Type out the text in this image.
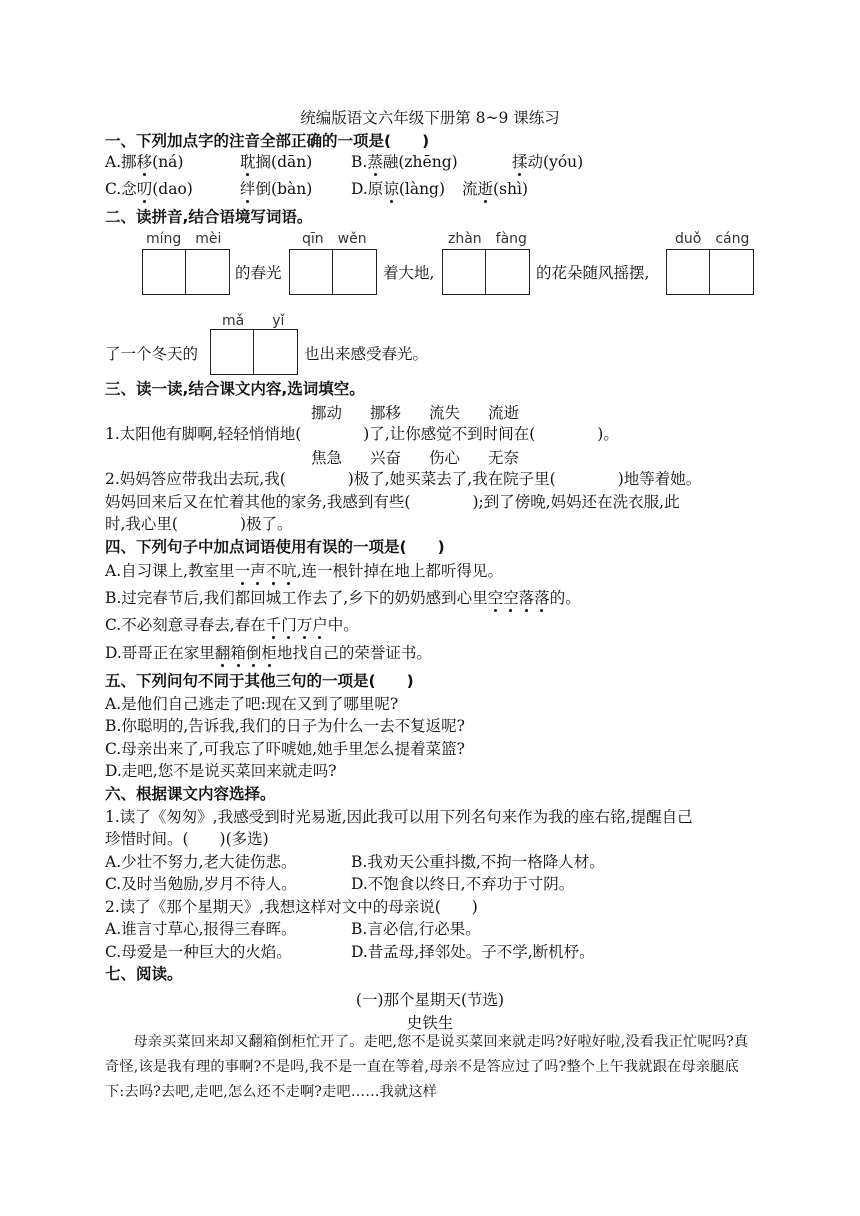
统编版语文六年级下册第 8~9 课练习
一、下列加点字的注音全部正确的一项是(　　)
A.挪移(ná)	耽搁(dān) B.蒸融(zhēng)	揉动(yóu)
C.念叨(dao)	绊倒(bàn) D.原谅(làng) 流逝(shì)
二、读拼音,结合语境写词语。
míng　mèi	qīn　wěn	zhàn　fàng	duǒ　cáng
的春光	着大地,	的花朵随风摇摆,
mǎ　　yǐ
了一个冬天的	也出来感受春光。
三、读一读,结合课文内容,选词填空。
挪动 挪移 流失 流逝
1.太阳他有脚啊,轻轻悄悄地(　　　　)了,让你感觉不到时间在(　　　　)。
焦急 兴奋 伤心 无奈
2.妈妈答应带我出去玩,我(　　　　)极了,她买菜去了,我在院子里(　　　　)地等着她。
妈妈回来后又在忙着其他的家务,我感到有些(　　　　);到了傍晚,妈妈还在洗衣服,此
时,我心里(　　　　)极了。
四、下列句子中加点词语使用有误的一项是(　　)
A.自习课上,教室里一声不吭,连一根针掉在地上都听得见。
B.过完春节后,我们都回城工作去了,乡下的奶奶感到心里空空落落的。
C.不必刻意寻春去,春在千门万户中。
D.哥哥正在家里翻箱倒柜地找自己的荣誉证书。
五、下列问句不同于其他三句的一项是(　　)
A.是他们自己逃走了吧:现在又到了哪里呢?
B.你聪明的,告诉我,我们的日子为什么一去不复返呢?
C.母亲出来了,可我忘了吓唬她,她手里怎么提着菜篮?
D.走吧,您不是说买菜回来就走吗?
六、根据课文内容选择。
1.读了《匆匆》,我感受到时光易逝,因此我可以用下列名句来作为我的座右铭,提醒自己
珍惜时间。(　　)(多选)
A.少壮不努力,老大徒伤悲。	B.我劝天公重抖擞,不拘一格降人材。
C.及时当勉励,岁月不待人。	D.不饱食以终日,不弃功于寸阴。
2.读了《那个星期天》,我想这样对文中的母亲说(　　)
A.谁言寸草心,报得三春晖。	B.言必信,行必果。
C.母爱是一种巨大的火焰。	D.昔孟母,择邻处。子不学,断机杼。
七、阅读。
(一)那个星期天(节选)
史铁生

母亲买菜回来却又翻箱倒柜忙开了。走吧,您不是说买菜回来就走吗?好啦好啦,没看我正忙呢吗?真奇怪,该是我有理的事啊?不是吗,我不是一直在等着,母亲不是答应过了吗?整个上午我就跟在母亲腿底下:去吗?去吧,走吧,怎么还不走啊?走吧……我就这样
